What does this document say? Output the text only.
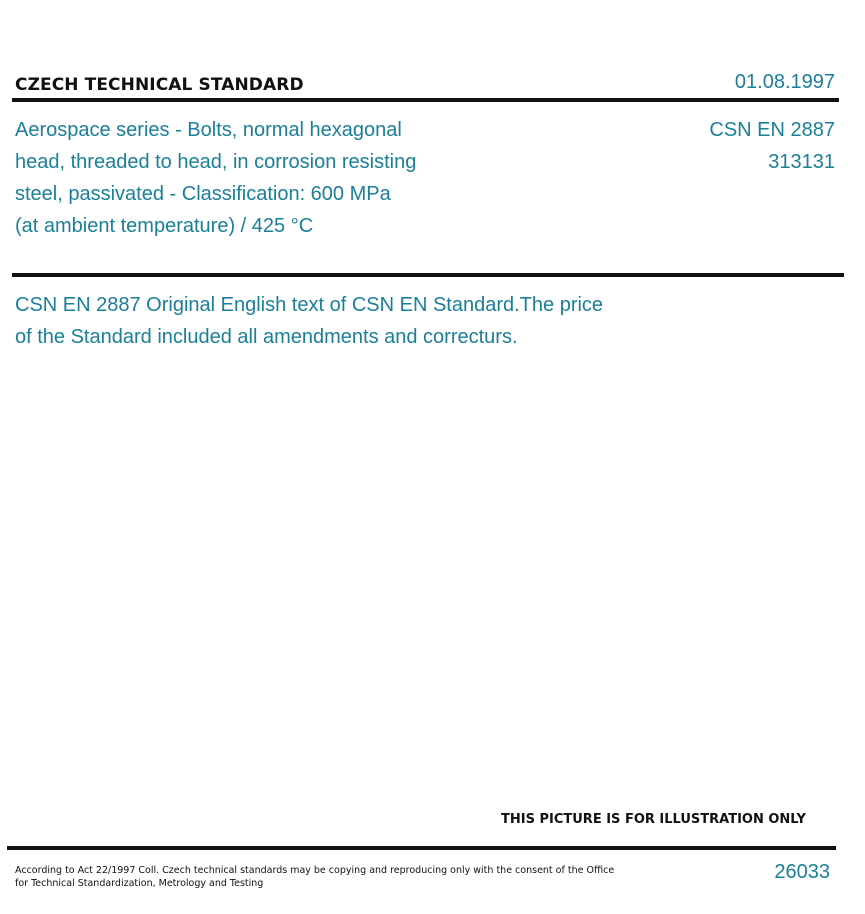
CZECH TECHNICAL STANDARD	01.08.1997
Aerospace series - Bolts, normal hexagonal
head, threaded to head, in corrosion resisting
steel, passivated - Classification: 600 MPa
(at ambient temperature) / 425 °C
CSN EN 2887
313131
CSN EN 2887 Original English text of CSN EN Standard.The price
of the Standard included all amendments and correcturs.
THIS PICTURE IS FOR ILLUSTRATION ONLY
According to Act 22/1997 Coll. Czech technical standards may be copying and reproducing only with the consent of the Office
for Technical Standardization, Metrology and Testing
26033
